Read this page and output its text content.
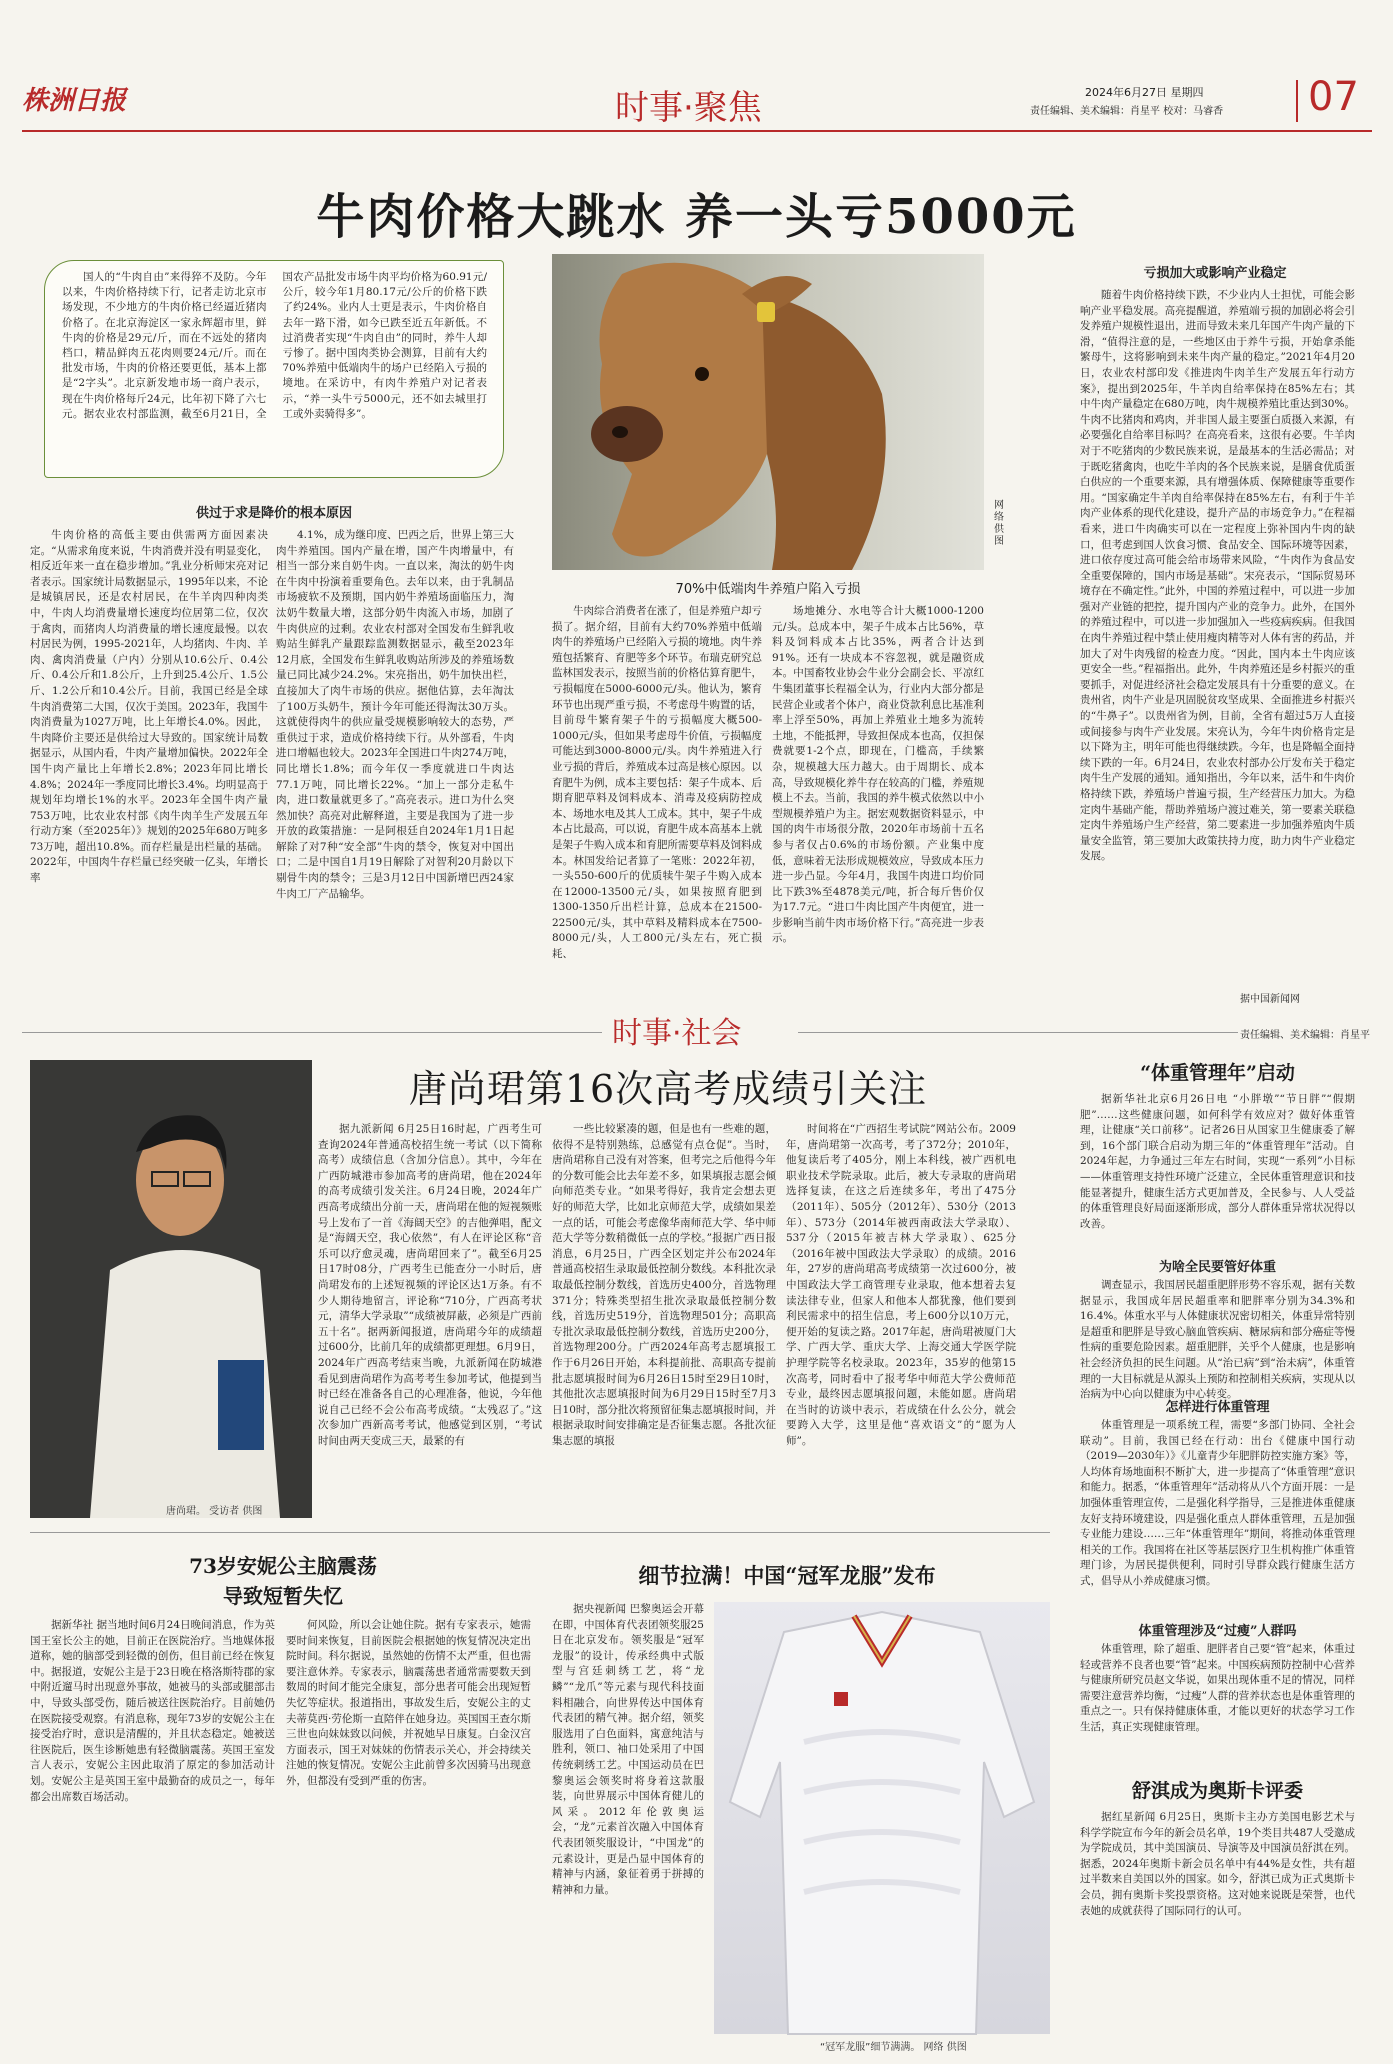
株洲日报	时事·聚焦	2024年6月27日 星期四
责任编辑、美术编辑：肖星平 校对：马睿香 07
牛肉价格大跳水 养一头亏5000元

国人的“牛肉自由”来得猝不及防。今年以来，牛肉价格持续下行，记者走访北京市场发现，不少地方的牛肉价格已经逼近猪肉价格了。在北京海淀区一家永辉超市里，鲜牛肉的价格是29元/斤，而在不远处的猪肉档口，精品鲜肉五花肉则要24元/斤。而在批发市场，牛肉的价格还要更低，基本上都是“2字头”。北京新发地市场一商户表示，现在牛肉价格每斤24元，比年初下降了六七元。据农业农村部监测，截至6月21日，全国农产品批发市场牛肉平均价格为60.91元/公斤，较今年1月80.17元/公斤的价格下跌了约24%。业内人士更是表示，牛肉价格自去年一路下滑，如今已跌至近五年新低。不过消费者实现“牛肉自由”的同时，养牛人却亏惨了。据中国肉类协会测算，目前有大约70%养殖中低端肉牛的场户已经陷入亏损的境地。在采访中，有肉牛养殖户对记者表示，“养一头牛亏5000元，还不如去城里打工或外卖骑得多”。

网络供图
70%中低端肉牛养殖户陷入亏损
供过于求是降价的根本原因

牛肉价格的高低主要由供需两方面因素决定。“从需求角度来说，牛肉消费并没有明显变化，相反近年来一直在稳步增加。”乳业分析师宋亮对记者表示。国家统计局数据显示，1995年以来，不论是城镇居民，还是农村居民，在牛羊肉四种肉类中，牛肉人均消费量增长速度均位居第二位，仅次于禽肉，而猪肉人均消费量的增长速度最慢。以农村居民为例，1995-2021年，人均猪肉、牛肉、羊肉、禽肉消费量（户内）分别从10.6公斤、0.4公斤、0.4公斤和1.8公斤，上升到25.4公斤、1.5公斤、1.2公斤和10.4公斤。目前，我国已经是全球牛肉消费第二大国，仅次于美国。2023年，我国牛肉消费量为1027万吨，比上年增长4.0%。因此，牛肉降价主要还是供给过大导致的。国家统计局数据显示，从国内看，牛肉产量增加偏快。2022年全国牛肉产量比上年增长2.8%；2023年同比增长4.8%；2024年一季度同比增长3.4%。均明显高于规划年均增长1%的水平。2023年全国牛肉产量753万吨，比农业农村部《肉牛肉羊生产发展五年行动方案（至2025年）》规划的2025年680万吨多73万吨，超出10.8%。而存栏量是出栏量的基础。2022年，中国肉牛存栏量已经突破一亿头，年增长率

4.1%，成为继印度、巴西之后，世界上第三大肉牛养殖国。国内产量在增，国产牛肉增量中，有相当一部分来自奶牛肉。一直以来，淘汰的奶牛肉在牛肉中扮演着重要角色。去年以来，由于乳制品市场疲软不及预期，国内奶牛养殖场面临压力，淘汰奶牛数量大增，这部分奶牛肉流入市场，加剧了牛肉供应的过剩。农业农村部对全国发布生鲜乳收购站生鲜乳产量跟踪监测数据显示，截至2023年12月底，全国发布生鲜乳收购站所涉及的养殖场数量已同比减少24.2%。宋亮指出，奶牛加快出栏，直接加大了肉牛市场的供应。据他估算，去年淘汰了100万头奶牛，预计今年可能还得淘汰30万头。这就使得肉牛的供应量受规模影响较大的态势，严重供过于求，造成价格持续下行。从外部看，牛肉进口增幅也较大。2023年全国进口牛肉274万吨，同比增长1.8%；而今年仅一季度就进口牛肉达77.1万吨，同比增长22%。“加上一部分走私牛肉，进口数量就更多了。”高亮表示。进口为什么突然加快？高亮对此解释道，主要是我国为了进一步开放的政策措施：一是阿根廷自2024年1月1日起解除了对7种“安全部”牛肉的禁令，恢复对中国出口；二是中国自1月19日解除了对智利20月龄以下剔骨牛肉的禁令；三是3月12日中国新增巴西24家牛肉工厂产品输华。

牛肉综合消费者在涨了，但是养殖户却亏损了。据介绍，目前有大约70%养殖中低端肉牛的养殖场户已经陷入亏损的境地。肉牛养殖包括繁育、育肥等多个环节。布瑞克研究总监林国发表示，按照当前的价格估算育肥牛，亏损幅度在5000-6000元/头。他认为，繁育环节也出现严重亏损，不考虑母牛购置的话，目前母牛繁育架子牛的亏损幅度大概500-1000元/头，但如果考虑母牛价值，亏损幅度可能达到3000-8000元/头。肉牛养殖进入行业亏损的背后，养殖成本过高是核心原因。以育肥牛为例，成本主要包括：架子牛成本、后期育肥草料及饲料成本、消毒及疫病防控成本、场地水电及其人工成本。其中，架子牛成本占比最高，可以说，育肥牛成本高基本上就是架子牛购入成本和育肥所需要草料及饲料成本。林国发给记者算了一笔账：2022年初，一头550-600斤的优质犊牛架子牛购入成本在12000-13500元/头，如果按照育肥到1300-1350斤出栏计算，总成本在21500-22500元/头，其中草料及精料成本在7500-8000元/头，人工800元/头左右，死亡损耗、

场地摊分、水电等合计大概1000-1200元/头。总成本中，架子牛成本占比56%，草料及饲料成本占比35%，两者合计达到91%。还有一块成本不容忽视，就是融资成本。中国畜牧业协会牛业分会副会长、平凉红牛集团董事长程福全认为，行业内大部分都是民营企业或者个体户，商业贷款利息比基准利率上浮至50%，再加上养殖业土地多为流转土地，不能抵押，导致担保成本也高，仅担保费就要1-2个点，即现在，门槛高，手续繁杂，规模越大压力越大。由于周期长、成本高，导致规模化养牛存在较高的门槛，养殖规模上不去。当前，我国的养牛模式依然以中小型规模养殖户为主。据宏观数据资料显示，中国的肉牛市场很分散，2020年市场前十五名参与者仅占0.6%的市场份额。产业集中度低，意味着无法形成规模效应，导致成本压力进一步凸显。今年4月，我国牛肉进口均价同比下跌3%至4878美元/吨，折合每斤售价仅为17.7元。“进口牛肉比国产牛肉便宜，进一步影响当前牛肉市场价格下行。”高亮进一步表示。

亏损加大或影响产业稳定

随着牛肉价格持续下跌，不少业内人士担忧，可能会影响产业平稳发展。高亮提醒道，养殖端亏损的加剧必将会引发养殖户规模性退出，进而导致未来几年国产牛肉产量的下滑，“值得注意的是，一些地区由于养牛亏损，开始拿杀能繁母牛，这将影响到未来牛肉产量的稳定。”2021年4月20日，农业农村部印发《推进肉牛肉羊生产发展五年行动方案》，提出到2025年，牛羊肉自给率保持在85%左右；其中牛肉产量稳定在680万吨，肉牛规模养殖比重达到30%。牛肉不比猪肉和鸡肉，并非国人最主要蛋白质摄入来源，有必要强化自给率目标吗？在高亮看来，这很有必要。牛羊肉对于不吃猪肉的少数民族来说，是最基本的生活必需品；对于既吃猪禽肉，也吃牛羊肉的各个民族来说，是膳食优质蛋白供应的一个重要来源，具有增强体质、保障健康等重要作用。“国家确定牛羊肉自给率保持在85%左右，有利于牛羊肉产业体系的现代化建设，提升产品的市场竞争力。”在程福看来，进口牛肉确实可以在一定程度上弥补国内牛肉的缺口，但考虑到国人饮食习惯、食品安全、国际环境等因素，进口依存度过高可能会给市场带来风险，“牛肉作为食品安全重要保障的，国内市场是基础”。宋亮表示，“国际贸易环境存在不确定性。”此外，中国的养殖过程中，可以进一步加强对产业链的把控，提升国内产业的竞争力。此外，在国外的养殖过程中，可以进一步加强加入一些疫病疾病。但我国在肉牛养殖过程中禁止使用瘦肉精等对人体有害的药品，并加大了对牛肉残留的检查力度。“因此，国内本土牛肉应该更安全一些。”程福指出。此外，牛肉养殖还是乡村振兴的重要抓手，对促进经济社会稳定发展具有十分重要的意义。在贵州省，肉牛产业是巩固脱贫攻坚成果、全面推进乡村振兴的“牛鼻子”。以贵州省为例，目前，全省有超过5万人直接或间接参与肉牛产业发展。宋亮认为，今年牛肉价格肯定是以下降为主，明年可能也得继续跌。今年，也是降幅全面持续下跌的一年。6月24日，农业农村部办公厅发布关于稳定肉牛生产发展的通知。通知指出，今年以来，活牛和牛肉价格持续下跌，养殖场户普遍亏损，生产经营压力加大。为稳定肉牛基础产能，帮助养殖场户渡过难关，第一要素关联稳定肉牛养殖场户生产经营，第二要素进一步加强养殖肉牛质量安全监管，第三要加大政策扶持力度，助力肉牛产业稳定发展。

据中国新闻网
时事·社会	责任编辑、美术编辑：肖星平
唐尚珺。 受访者 供图
唐尚珺第16次高考成绩引关注

据九派新闻 6月25日16时起，广西考生可查询2024年普通高校招生统一考试（以下简称高考）成绩信息（含加分信息）。其中，今年在广西防城港市参加高考的唐尚珺，他在2024年的高考成绩引发关注。6月24日晚，2024年广西高考成绩出分前一天，唐尚珺在他的短视频账号上发布了一首《海阔天空》的吉他弹唱，配文是“海阔天空，我心依然”，有人在评论区称“音乐可以疗愈灵魂，唐尚珺回来了”。截至6月25日17时08分，广西考生已能查分一小时后，唐尚珺发布的上述短视频的评论区达1万条。有不少人期待地留言，评论称“710分，广西高考状元，清华大学录取”“成绩被屏蔽，必须是广西前五十名”。据两新闻报道，唐尚珺今年的成绩超过600分，比前几年的成绩都更理想。6月9日，2024年广西高考结束当晚，九派新闻在防城港看见到唐尚珺作为高考考生参加考试，他提到当时已经在准备各自己的心理准备，他说，今年他说自己已经不会公布高考成绩。“太残忍了。”这次参加广西新高考考试，他感觉到区别，“考试时间由两天变成三天，最紧的有

一些比较紧凑的题，但是也有一些难的题，依得不是特别熟练，总感觉有点仓促”。当时，唐尚珺称自己没有对答案，但考完之后他得今年的分数可能会比去年差不多，如果填报志愿会倾向师范类专业。“如果考得好，我肯定会想去更好的师范大学，比如北京师范大学，成绩如果差一点的话，可能会考虑像华南师范大学、华中师范大学等分数稍微低一点的学校。”报据广西日报消息，6月25日，广西全区划定并公布2024年普通高校招生录取最低控制分数线。本科批次录取最低控制分数线，首选历史400分，首选物理371分；特殊类型招生批次录取最低控制分数线，首选历史519分，首选物理501分；高职高专批次录取最低控制分数线，首选历史200分，首选物理200分。广西2024年高考志愿填报工作于6月26日开始，本科提前批、高职高专提前批志愿填报时间为6月26日15时至29日10时，其他批次志愿填报时间为6月29日15时至7月3日10时，部分批次将预留征集志愿填报时间，并根据录取时间安排确定是否征集志愿。各批次征集志愿的填报

时间将在“广西招生考试院”网站公布。2009年，唐尚珺第一次高考，考了372分；2010年，他复读后考了405分，刚上本科线，被广西机电职业技术学院录取。此后，被大专录取的唐尚珺选择复读，在这之后连续多年，考出了475分（2011年）、505分（2012年）、530分（2013年）、573分（2014年被西南政法大学录取）、537分（2015年被吉林大学录取）、625分（2016年被中国政法大学录取）的成绩。2016年，27岁的唐尚珺高考成绩第一次过600分，被中国政法大学工商管理专业录取，他本想着去复读法律专业，但家人和他本人都犹豫，他们要到利民需求中的招生信息，考上600分以10万元，便开始的复读之路。2017年起，唐尚珺被厦门大学、广西大学、重庆大学、上海交通大学医学院护理学院等名校录取。2023年，35岁的他第15次高考，同时看中了报考华中师范大学公费师范专业，最终因志愿填报问题，未能如愿。唐尚珺在当时的访谈中表示，若成绩在什么公分，就会要跨入大学，这里是他“喜欢语文”的“愿为人师”。

“体重管理年”启动

据新华社北京6月26日电 “小胖墩”“节日胖”“假期肥”……这些健康问题，如何科学有效应对？做好体重管理，让健康“关口前移”。记者26日从国家卫生健康委了解到，16个部门联合启动为期三年的“体重管理年”活动。自2024年起，力争通过三年左右时间，实现“一系列”小目标——体重管理支持性环境广泛建立，全民体重管理意识和技能显著提升，健康生活方式更加普及，全民参与、人人受益的体重管理良好局面逐渐形成，部分人群体重异常状况得以改善。

为啥全民要管好体重

调查显示，我国居民超重肥胖形势不容乐观，据有关数据显示，我国成年居民超重率和肥胖率分别为34.3%和16.4%。体重水平与人体健康状况密切相关，体重异常特别是超重和肥胖是导致心脑血管疾病、糖尿病和部分癌症等慢性病的重要危险因素。超重肥胖，关乎个人健康，也是影响社会经济负担的民生问题。从“治已病”到“治未病”，体重管理的一大目标就是从源头上预防和控制相关疾病，实现从以治病为中心向以健康为中心转变。

怎样进行体重管理

体重管理是一项系统工程，需要“多部门协同、全社会联动”。目前，我国已经在行动：出台《健康中国行动（2019—2030年）》《儿童青少年肥胖防控实施方案》等，人均体育场地面积不断扩大，进一步提高了“体重管理”意识和能力。据悉，“体重管理年”活动将从八个方面开展：一是加强体重管理宣传，二是强化科学指导，三是推进体重健康友好支持环境建设，四是强化重点人群体重管理，五是加强专业能力建设……三年“体重管理年”期间，将推动体重管理相关的工作。我国将在社区等基层医疗卫生机构推广体重管理门诊，为居民提供便利，同时引导群众践行健康生活方式，倡导从小养成健康习惯。

体重管理涉及“过瘦”人群吗

体重管理，除了超重、肥胖者自己要“管”起来，体重过轻或营养不良者也要“管”起来。中国疾病预防控制中心营养与健康所研究员赵文华说，如果出现体重不足的情况，同样需要注意营养均衡，“过瘦”人群的营养状态也是体重管理的重点之一。只有保持健康体重，才能以更好的状态学习工作生活，真正实现健康管理。

舒淇成为奥斯卡评委

据红星新闻 6月25日，奥斯卡主办方美国电影艺术与科学学院宣布今年的新会员名单，19个类目共487人受邀成为学院成员，其中美国演员、导演等及中国演员舒淇在列。据悉，2024年奥斯卡新会员名单中有44%是女性，共有超过半数来自美国以外的国家。如今，舒淇已成为正式奥斯卡会员，拥有奥斯卡奖投票资格。这对她来说既是荣誉，也代表她的成就获得了国际同行的认可。

73岁安妮公主脑震荡
导致短暂失忆

据新华社 据当地时间6月24日晚间消息，作为英国王室长公主的她，目前正在医院治疗。当地媒体报道称，她的脑部受到轻微的创伤，但目前已经在恢复中。据报道，安妮公主是于23日晚在格洛斯特郡的家中附近遛马时出现意外事故，她被马的头部或腿部击中，导致头部受伤，随后被送往医院治疗。目前她仍在医院接受观察。有消息称，现年73岁的安妮公主在接受治疗时，意识是清醒的，并且状态稳定。她被送往医院后，医生诊断她患有轻微脑震荡。英国王室发言人表示，安妮公主因此取消了原定的参加活动计划。安妮公主是英国王室中最勤奋的成员之一，每年都会出席数百场活动。

何风险，所以会让她住院。据有专家表示，她需要时间来恢复，目前医院会根据她的恢复情况决定出院时间。科尔据说，虽然她的伤情不太严重，但也需要注意休养。专家表示，脑震荡患者通常需要数天到数周的时间才能完全康复，部分患者可能会出现短暂失忆等症状。报道指出，事故发生后，安妮公主的丈夫蒂莫西·劳伦斯一直陪伴在她身边。英国国王查尔斯三世也向妹妹致以问候，并祝她早日康复。白金汉宫方面表示，国王对妹妹的伤情表示关心，并会持续关注她的恢复情况。安妮公主此前曾多次因骑马出现意外，但都没有受到严重的伤害。

细节拉满！中国“冠军龙服”发布

据央视新闻 巴黎奥运会开幕在即，中国体育代表团领奖服25日在北京发布。领奖服是“冠军龙服”的设计，传承经典中式版型与宫廷刺绣工艺，将“龙鳞”“龙爪”等元素与现代科技面料相融合，向世界传达中国体育代表团的精气神。据介绍，领奖服选用了白色面料，寓意纯洁与胜利，领口、袖口处采用了中国传统刺绣工艺。中国运动员在巴黎奥运会领奖时将身着这款服装，向世界展示中国体育健儿的风采。2012年伦敦奥运会，“龙”元素首次融入中国体育代表团领奖服设计，“中国龙”的元素设计，更是凸显中国体育的精神与内涵，象征着勇于拼搏的精神和力量。

“冠军龙服”细节满满。 网络 供图
